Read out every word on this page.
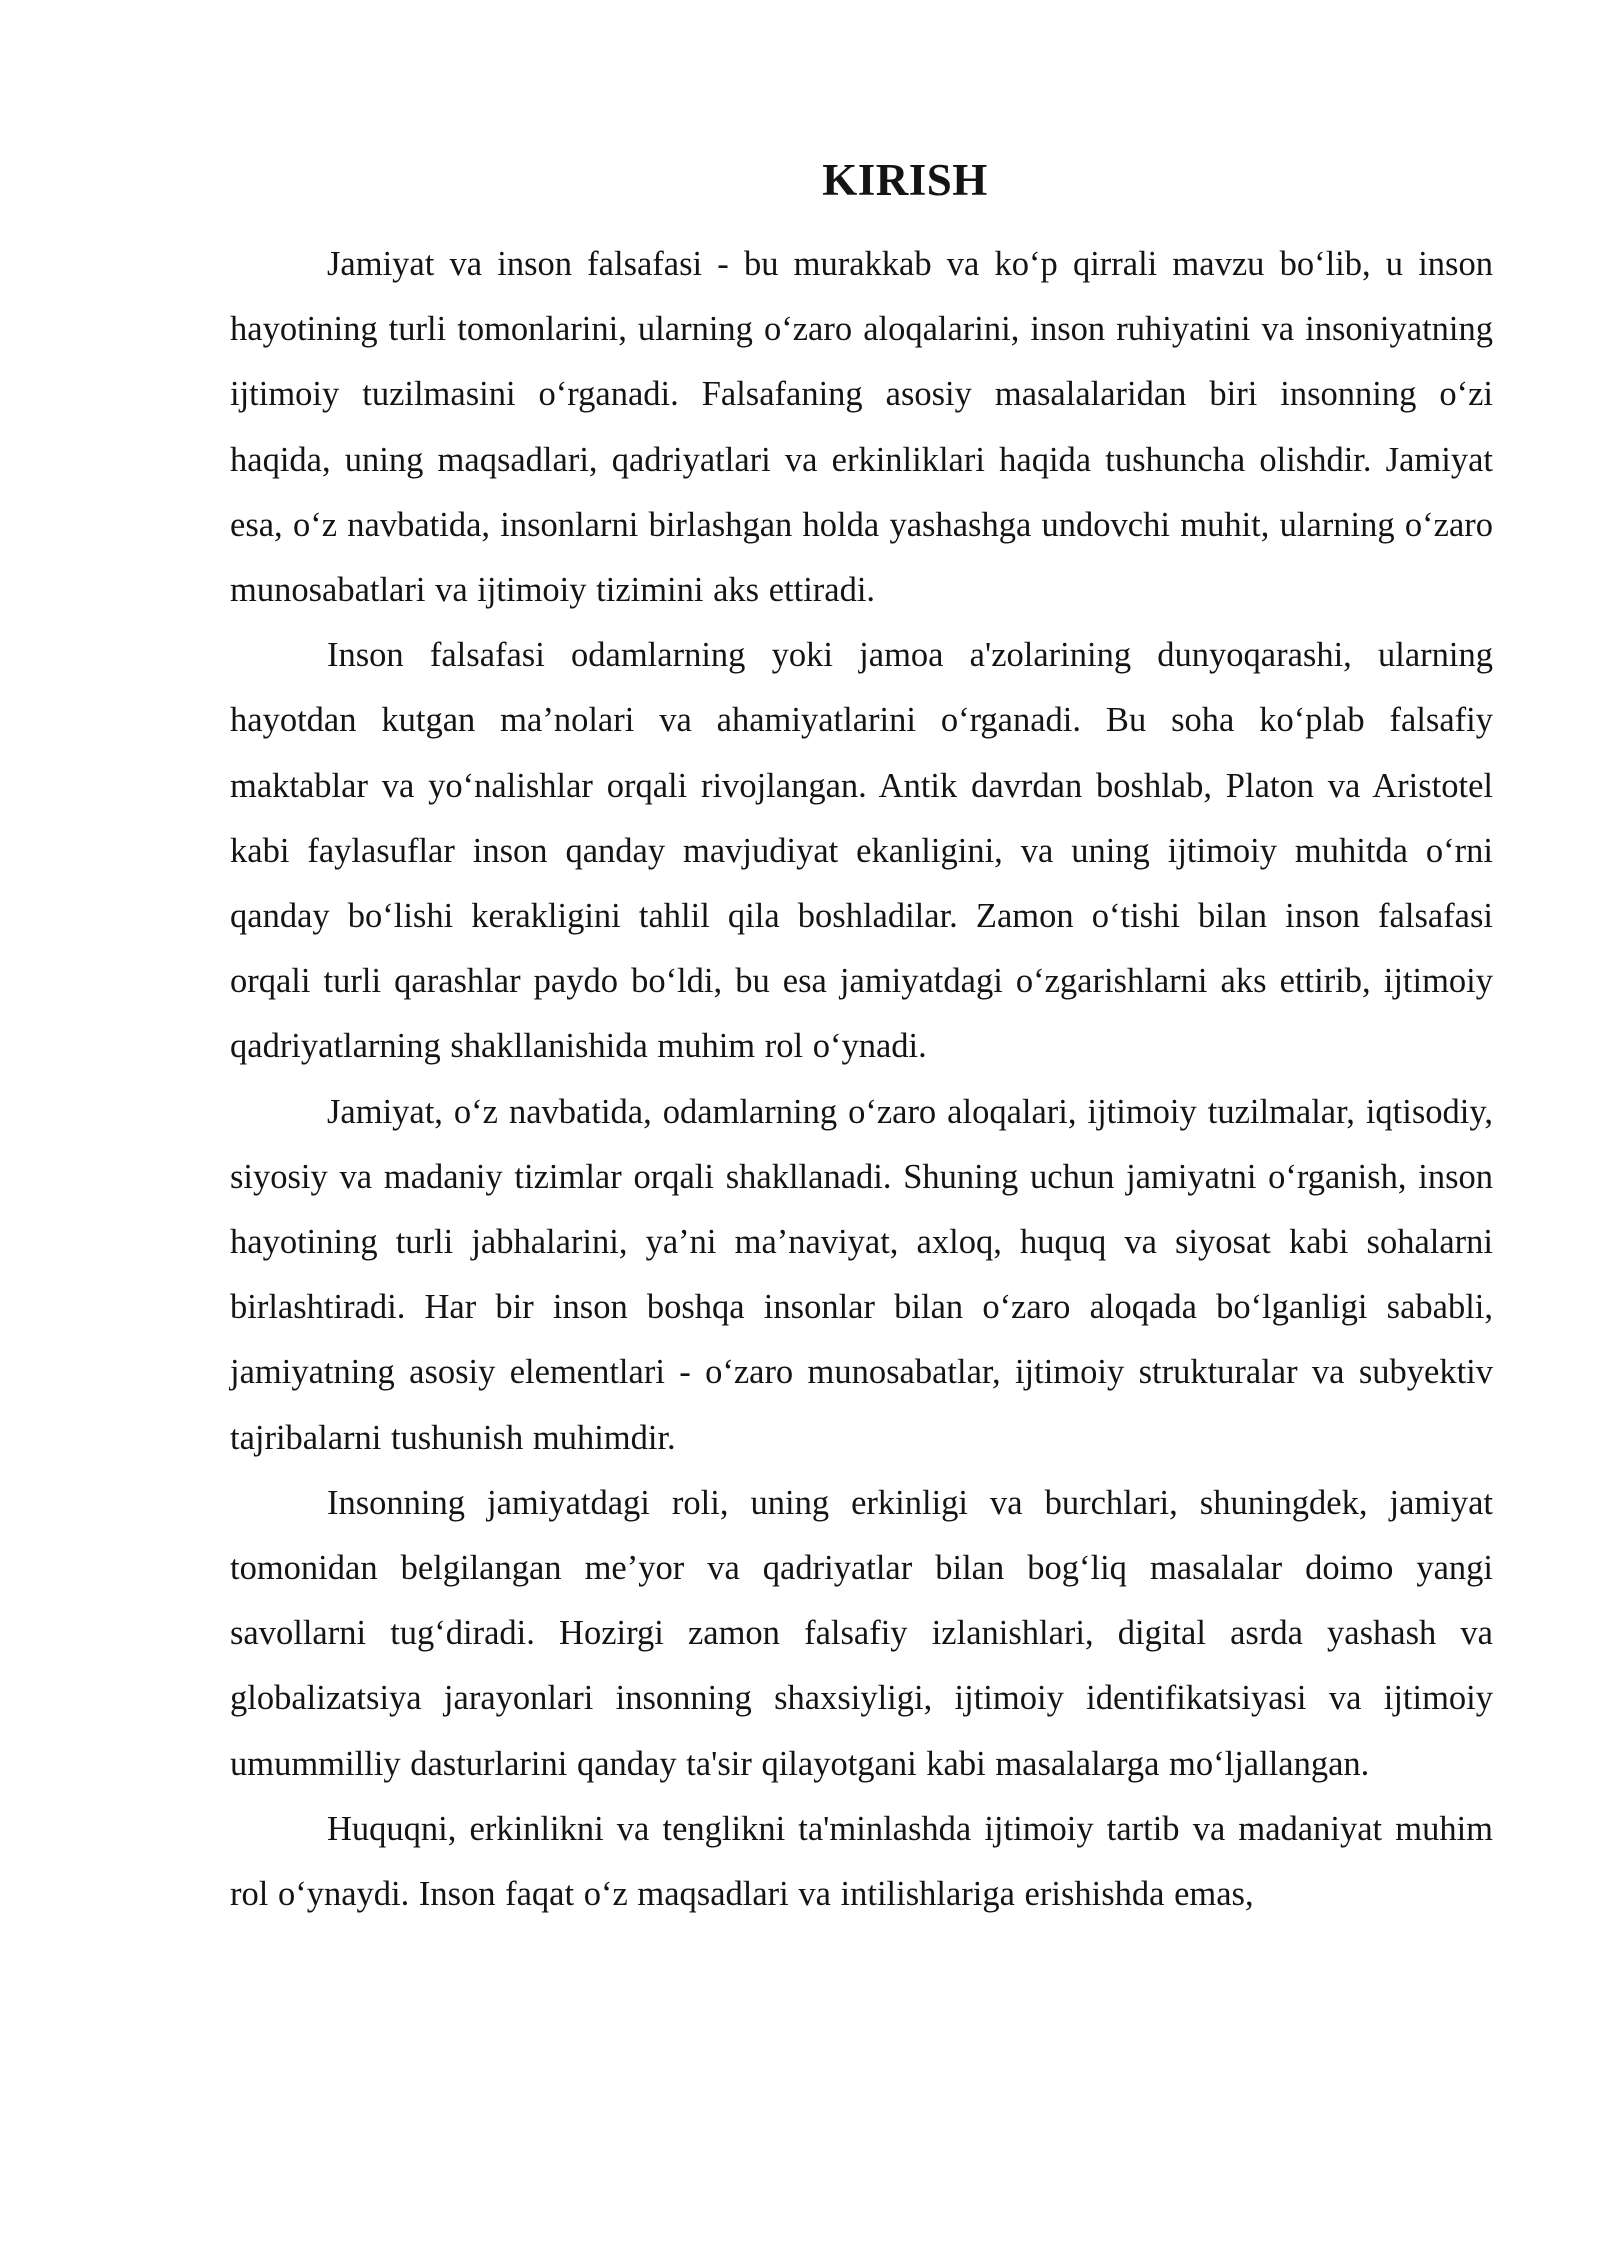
KIRISH

Jamiyat va inson falsafasi - bu murakkab va ko‘p qirrali mavzu bo‘lib, u inson hayotining turli tomonlarini, ularning o‘zaro aloqalarini, inson ruhiyatini va insoniyatning ijtimoiy tuzilmasini o‘rganadi. Falsafaning asosiy masalalaridan biri insonning o‘zi haqida, uning maqsadlari, qadriyatlari va erkinliklari haqida tushuncha olishdir. Jamiyat esa, o‘z navbatida, insonlarni birlashgan holda yashashga undovchi muhit, ularning o‘zaro munosabatlari va ijtimoiy tizimini aks ettiradi.

Inson falsafasi odamlarning yoki jamoa a'zolarining dunyoqarashi, ularning hayotdan kutgan ma’nolari va ahamiyatlarini o‘rganadi. Bu soha ko‘plab falsafiy maktablar va yo‘nalishlar orqali rivojlangan. Antik davrdan boshlab, Platon va Aristotel kabi faylasuflar inson qanday mavjudiyat ekanligini, va uning ijtimoiy muhitda o‘rni qanday bo‘lishi kerakligini tahlil qila boshladilar. Zamon o‘tishi bilan inson falsafasi orqali turli qarashlar paydo bo‘ldi, bu esa jamiyatdagi o‘zgarishlarni aks ettirib, ijtimoiy qadriyatlarning shakllanishida muhim rol o‘ynadi.

Jamiyat, o‘z navbatida, odamlarning o‘zaro aloqalari, ijtimoiy tuzilmalar, iqtisodiy, siyosiy va madaniy tizimlar orqali shakllanadi. Shuning uchun jamiyatni o‘rganish, inson hayotining turli jabhalarini, ya’ni ma’naviyat, axloq, huquq va siyosat kabi sohalarni birlashtiradi. Har bir inson boshqa insonlar bilan o‘zaro aloqada bo‘lganligi sababli, jamiyatning asosiy elementlari - o‘zaro munosabatlar, ijtimoiy strukturalar va subyektiv tajribalarni tushunish muhimdir.

Insonning jamiyatdagi roli, uning erkinligi va burchlari, shuningdek, jamiyat tomonidan belgilangan me’yor va qadriyatlar bilan bog‘liq masalalar doimo yangi savollarni tug‘diradi. Hozirgi zamon falsafiy izlanishlari, digital asrda yashash va globalizatsiya jarayonlari insonning shaxsiyligi, ijtimoiy identifikatsiyasi va ijtimoiy umummilliy dasturlarini qanday ta'sir qilayotgani kabi masalalarga mo‘ljallangan.

Huquqni, erkinlikni va tenglikni ta'minlashda ijtimoiy tartib va madaniyat muhim rol o‘ynaydi. Inson faqat o‘z maqsadlari va intilishlariga erishishda emas,
